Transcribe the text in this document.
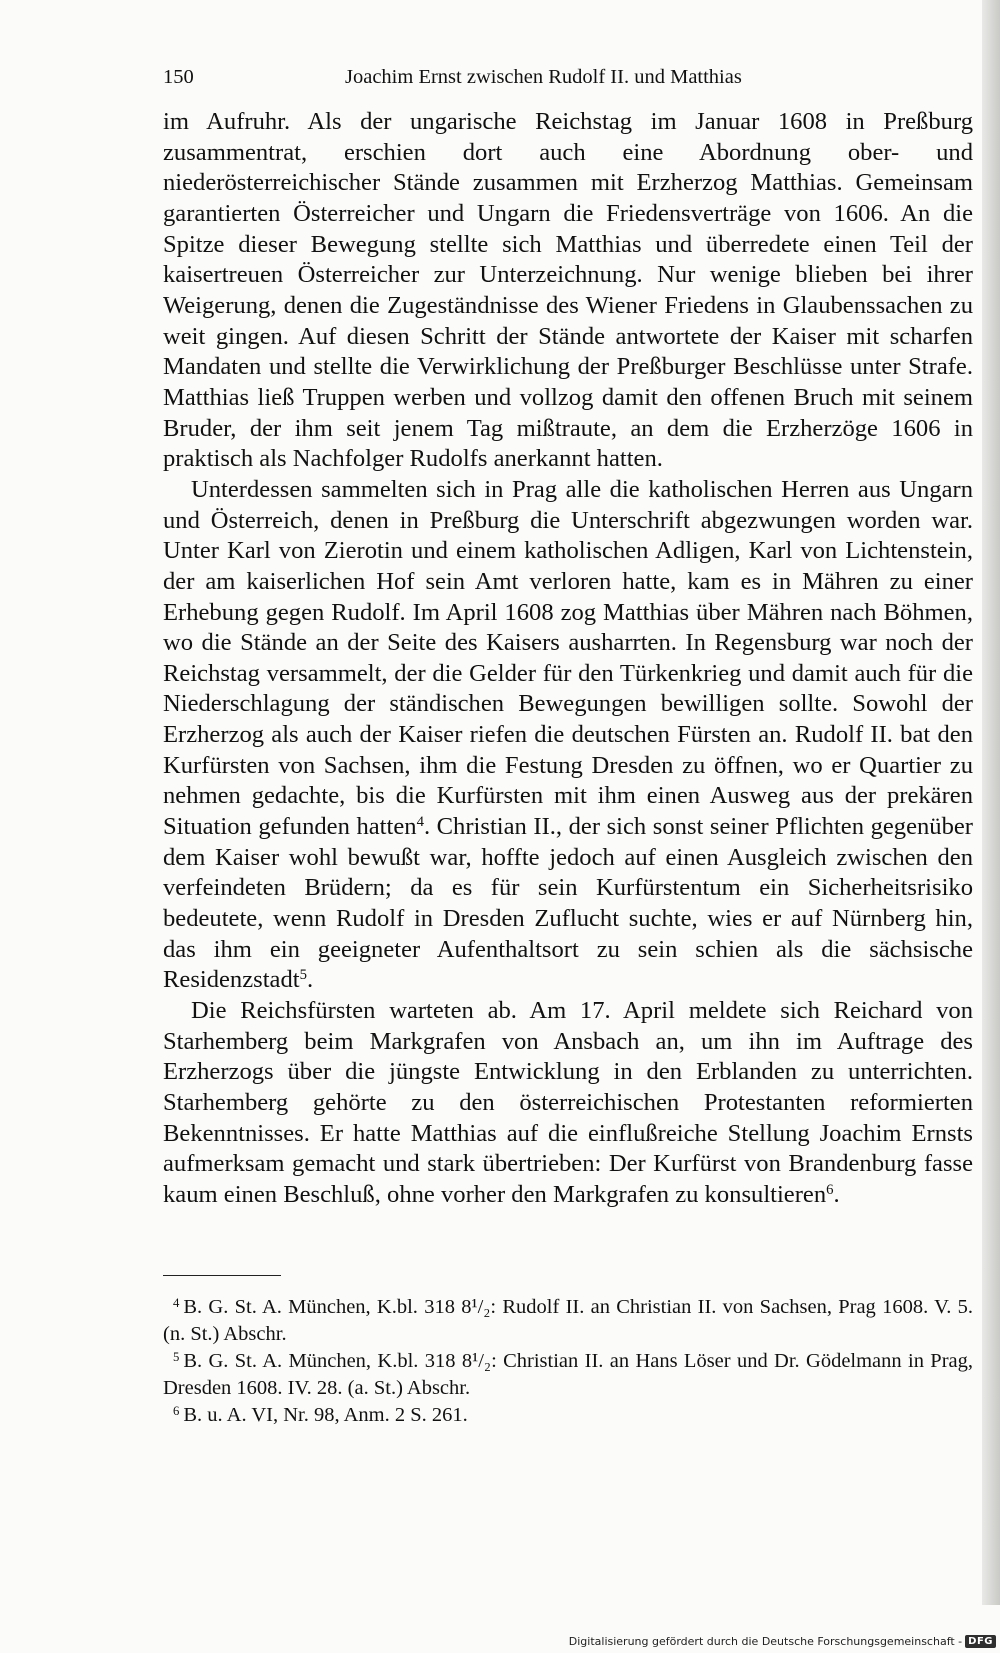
150	Joachim Ernst zwischen Rudolf II. und Matthias

im Aufruhr. Als der ungarische Reichstag im Januar 1608 in Preßburg zusammentrat, erschien dort auch eine Abordnung ober- und niederösterreichischer Stände zusammen mit Erzherzog Matthias. Gemeinsam garantierten Österreicher und Ungarn die Friedensverträge von 1606. An die Spitze dieser Bewegung stellte sich Matthias und überredete einen Teil der kaisertreuen Österreicher zur Unterzeichnung. Nur wenige blieben bei ihrer Weigerung, denen die Zugeständnisse des Wiener Friedens in Glaubenssachen zu weit gingen. Auf diesen Schritt der Stände antwortete der Kaiser mit scharfen Mandaten und stellte die Verwirklichung der Preßburger Beschlüsse unter Strafe. Matthias ließ Truppen werben und vollzog damit den offenen Bruch mit seinem Bruder, der ihm seit jenem Tag mißtraute, an dem die Erzherzöge 1606 in praktisch als Nachfolger Rudolfs anerkannt hatten.

Unterdessen sammelten sich in Prag alle die katholischen Herren aus Ungarn und Österreich, denen in Preßburg die Unterschrift abgezwungen worden war. Unter Karl von Zierotin und einem katholischen Adligen, Karl von Lichtenstein, der am kaiserlichen Hof sein Amt verloren hatte, kam es in Mähren zu einer Erhebung gegen Rudolf. Im April 1608 zog Matthias über Mähren nach Böhmen, wo die Stände an der Seite des Kaisers ausharrten. In Regensburg war noch der Reichstag versammelt, der die Gelder für den Türkenkrieg und damit auch für die Niederschlagung der ständischen Bewegungen bewilligen sollte. Sowohl der Erzherzog als auch der Kaiser riefen die deutschen Fürsten an. Rudolf II. bat den Kurfürsten von Sachsen, ihm die Festung Dresden zu öffnen, wo er Quartier zu nehmen gedachte, bis die Kurfürsten mit ihm einen Ausweg aus der prekären Situation gefunden hatten$^4$. Christian II., der sich sonst seiner Pflichten gegenüber dem Kaiser wohl bewußt war, hoffte jedoch auf einen Ausgleich zwischen den verfeindeten Brüdern; da es für sein Kurfürstentum ein Sicherheitsrisiko bedeutete, wenn Rudolf in Dresden Zuflucht suchte, wies er auf Nürnberg hin, das ihm ein geeigneter Aufenthaltsort zu sein schien als die sächsische Residenzstadt$^5$.

Die Reichsfürsten warteten ab. Am 17. April meldete sich Reichard von Starhemberg beim Markgrafen von Ansbach an, um ihn im Auftrage des Erzherzogs über die jüngste Entwicklung in den Erblanden zu unterrichten. Starhemberg gehörte zu den österreichischen Protestanten reformierten Bekenntnisses. Er hatte Matthias auf die einflußreiche Stellung Joachim Ernsts aufmerksam gemacht und stark übertrieben: Der Kurfürst von Brandenburg fasse kaum einen Beschluß, ohne vorher den Markgrafen zu konsultieren$^6$.

$^4$ B. G. St. A. München, K.bl. 318 8¹/₂: Rudolf II. an Christian II. von Sachsen, Prag 1608. V. 5. (n. St.) Abschr.

$^5$ B. G. St. A. München, K.bl. 318 8¹/₂: Christian II. an Hans Löser und Dr. Gödelmann in Prag, Dresden 1608. IV. 28. (a. St.) Abschr.

$^6$ B. u. A. VI, Nr. 98, Anm. 2 S. 261.

Digitalisierung gefördert durch die Deutsche Forschungsgemeinschaft - DFG
